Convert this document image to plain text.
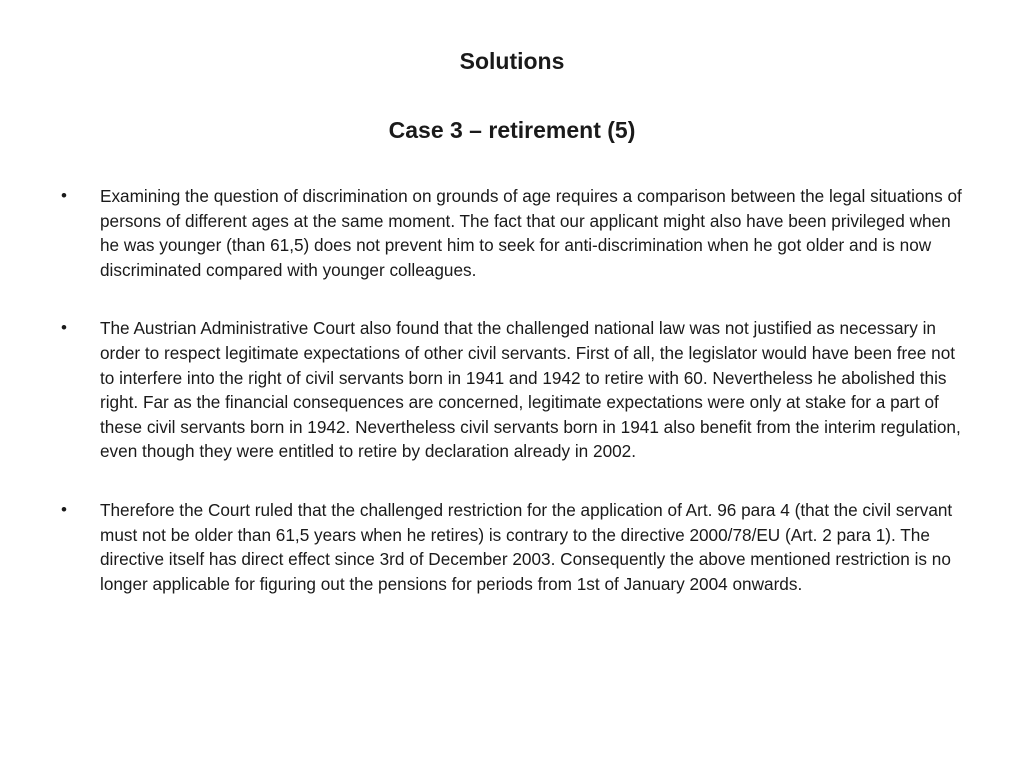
Solutions
Case 3 – retirement (5)
• Examining the question of discrimination on grounds of age requires a comparison between the legal situations of persons of different ages at the same moment. The fact that our applicant might also have been privileged when he was younger (than 61,5) does not prevent him to seek for anti-discrimination when he got older and is now discriminated compared with younger colleagues.
• The Austrian Administrative Court also found that the challenged national law was not justified as necessary in order to respect legitimate expectations of other civil servants. First of all, the legislator would have been free not to interfere into the right of civil servants born in 1941 and 1942 to retire with 60. Nevertheless he abolished this right. Far as the financial consequences are concerned, legitimate expectations were only at stake for a part of these civil servants born in 1942. Nevertheless civil servants born in 1941 also benefit from the interim regulation, even though they were entitled to retire by declaration already in 2002.
• Therefore the Court ruled that the challenged restriction for the application of Art. 96 para 4 (that the civil servant must not be older than 61,5 years when he retires) is contrary to the directive 2000/78/EU (Art. 2 para 1). The directive itself has direct effect since 3rd of December 2003. Consequently the above mentioned restriction is no longer applicable for figuring out the pensions for periods from 1st of January 2004 onwards.
